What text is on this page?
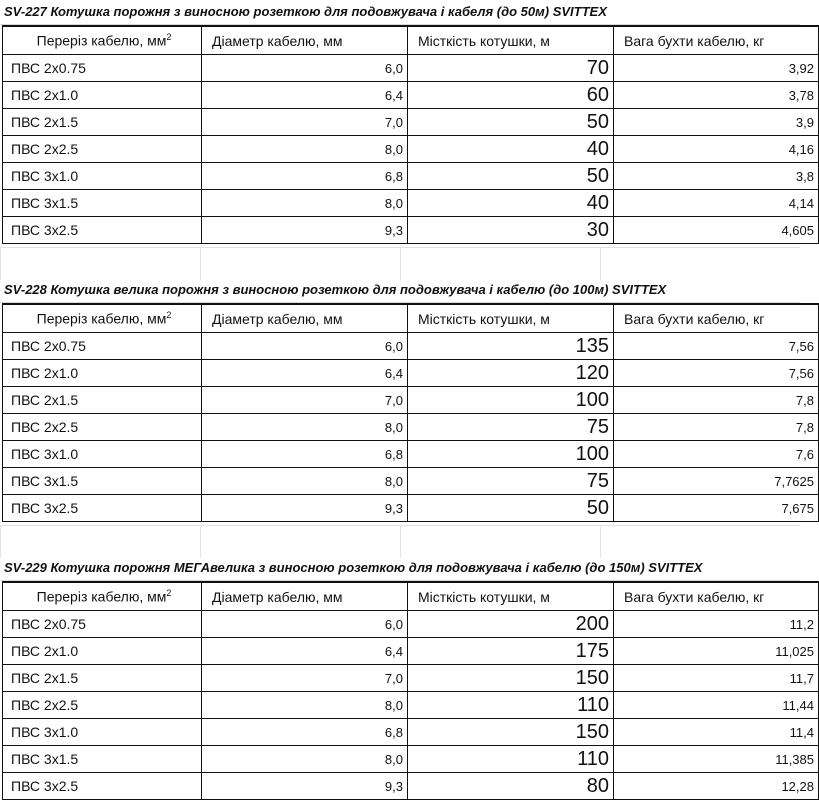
SV-227 Котушка порожня з виносною розеткою для подовжувача і кабеля (до 50м) SVITTEX
Переріз кабелю, $мм^2$	Діаметр кабелю, мм	Місткість котушки, м	Вага бухти кабелю, кг
ПВС 2х0.75	6,0	70	3,92
ПВС 2х1.0	6,4	60	3,78
ПВС 2х1.5	7,0	50	3,9
ПВС 2х2.5	8,0	40	4,16
ПВС 3х1.0	6,8	50	3,8
ПВС 3х1.5	8,0	40	4,14
ПВС 3х2.5	9,3	30	4,605
SV-228 Котушка велика порожня з виносною розеткою для подовжувача і кабелю (до 100м) SVITTEX
Переріз кабелю, $мм^2$	Діаметр кабелю, мм	Місткість котушки, м	Вага бухти кабелю, кг
ПВС 2х0.75	6,0	135	7,56
ПВС 2х1.0	6,4	120	7,56
ПВС 2х1.5	7,0	100	7,8
ПВС 2х2.5	8,0	75	7,8
ПВС 3х1.0	6,8	100	7,6
ПВС 3х1.5	8,0	75	7,7625
ПВС 3х2.5	9,3	50	7,675
SV-229 Котушка порожня МЕГАвелика з виносною розеткою для подовжувача і кабелю (до 150м) SVITTEX
Переріз кабелю, $мм^2$	Діаметр кабелю, мм	Місткість котушки, м	Вага бухти кабелю, кг
ПВС 2х0.75	6,0	200	11,2
ПВС 2х1.0	6,4	175	11,025
ПВС 2х1.5	7,0	150	11,7
ПВС 2х2.5	8,0	110	11,44
ПВС 3х1.0	6,8	150	11,4
ПВС 3х1.5	8,0	110	11,385
ПВС 3х2.5	9,3	80	12,28
